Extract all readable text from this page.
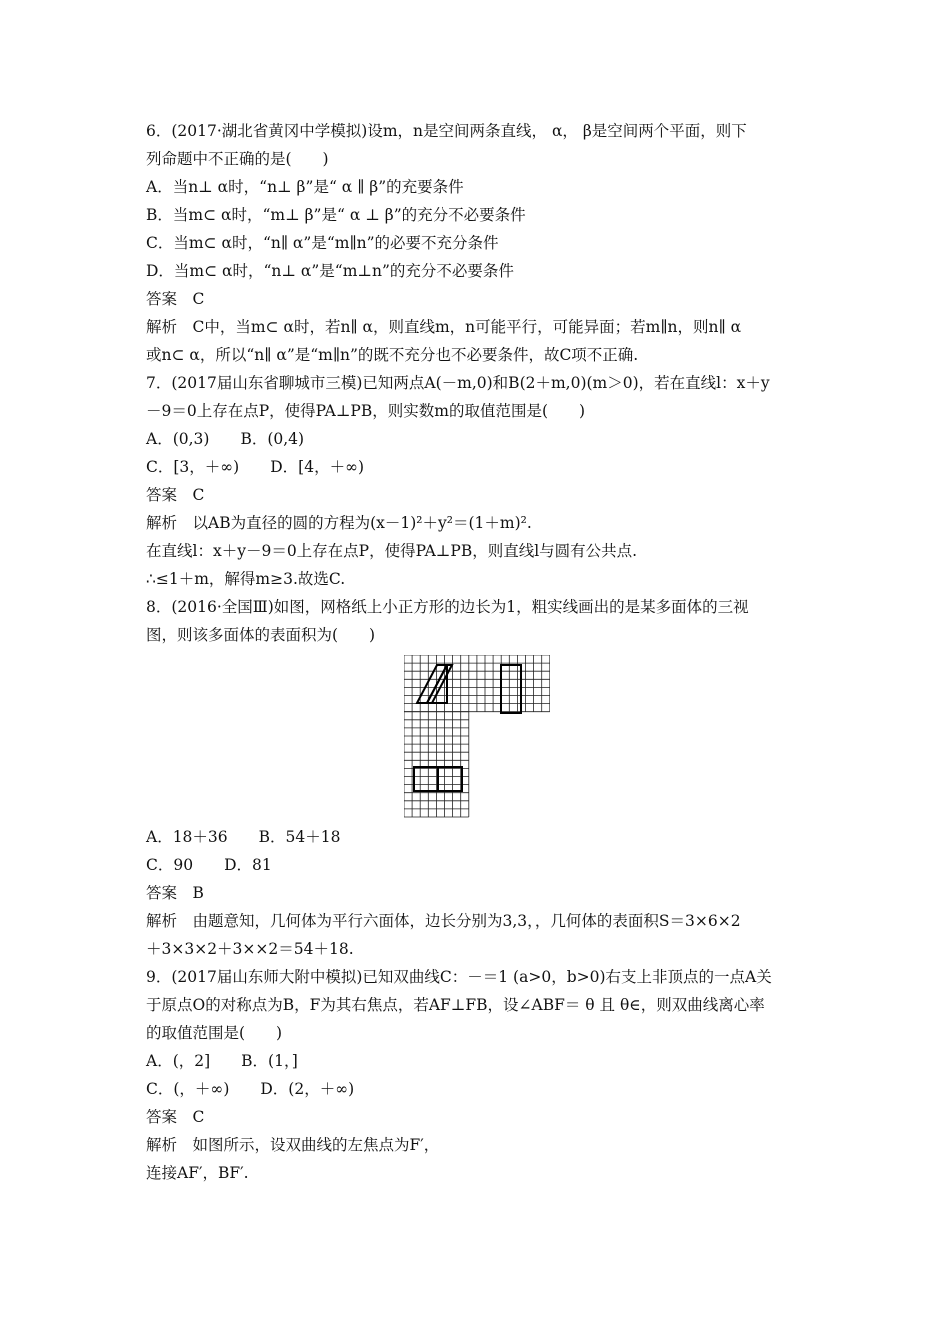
6．(2017·湖北省黄冈中学模拟)设m，n是空间两条直线， α， β是空间两个平面，则下
列命题中不正确的是(　　)
A．当n⊥ α时，“n⊥ β”是“ α ∥ β”的充要条件
B．当m⊂ α时，“m⊥ β”是“ α ⊥ β”的充分不必要条件
C．当m⊂ α时，“n∥ α”是“m∥n”的必要不充分条件
D．当m⊂ α时，“n⊥ α”是“m⊥n”的充分不必要条件
答案　C
解析　C中，当m⊂ α时，若n∥ α，则直线m，n可能平行，可能异面；若m∥n，则n∥ α
或n⊂ α，所以“n∥ α”是“m∥n”的既不充分也不必要条件，故C项不正确.
7．(2017届山东省聊城市三模)已知两点A(－m,0)和B(2＋m,0)(m＞0)，若在直线l：x＋y
－9＝0上存在点P，使得PA⊥PB，则实数m的取值范围是(　　)
A．(0,3)　　B．(0,4)
C．[3，＋∞)　　D．[4，＋∞)
答案　C
解析　以AB为直径的圆的方程为(x－1)²＋y²＝(1＋m)².
在直线l：x＋y－9＝0上存在点P，使得PA⊥PB，则直线l与圆有公共点.
∴≤1＋m，解得m≥3.故选C.
8．(2016·全国Ⅲ)如图，网格纸上小正方形的边长为1，粗实线画出的是某多面体的三视
图，则该多面体的表面积为(　　)
A．18＋36　　B．54＋18
C．90　　D．81
答案　B
解析　由题意知，几何体为平行六面体，边长分别为3,3，，几何体的表面积S＝3×6×2
＋3×3×2＋3××2＝54＋18.
9．(2017届山东师大附中模拟)已知双曲线C：－＝1 (a>0，b>0)右支上非顶点的一点A关
于原点O的对称点为B，F为其右焦点，若AF⊥FB，设∠ABF＝ θ 且 θ∈，则双曲线离心率
的取值范围是(　　)
A．(，2]　　B．(1，]
C．(，＋∞)　　D．(2，＋∞)
答案　C
解析　如图所示，设双曲线的左焦点为F′，
连接AF′，BF′.
